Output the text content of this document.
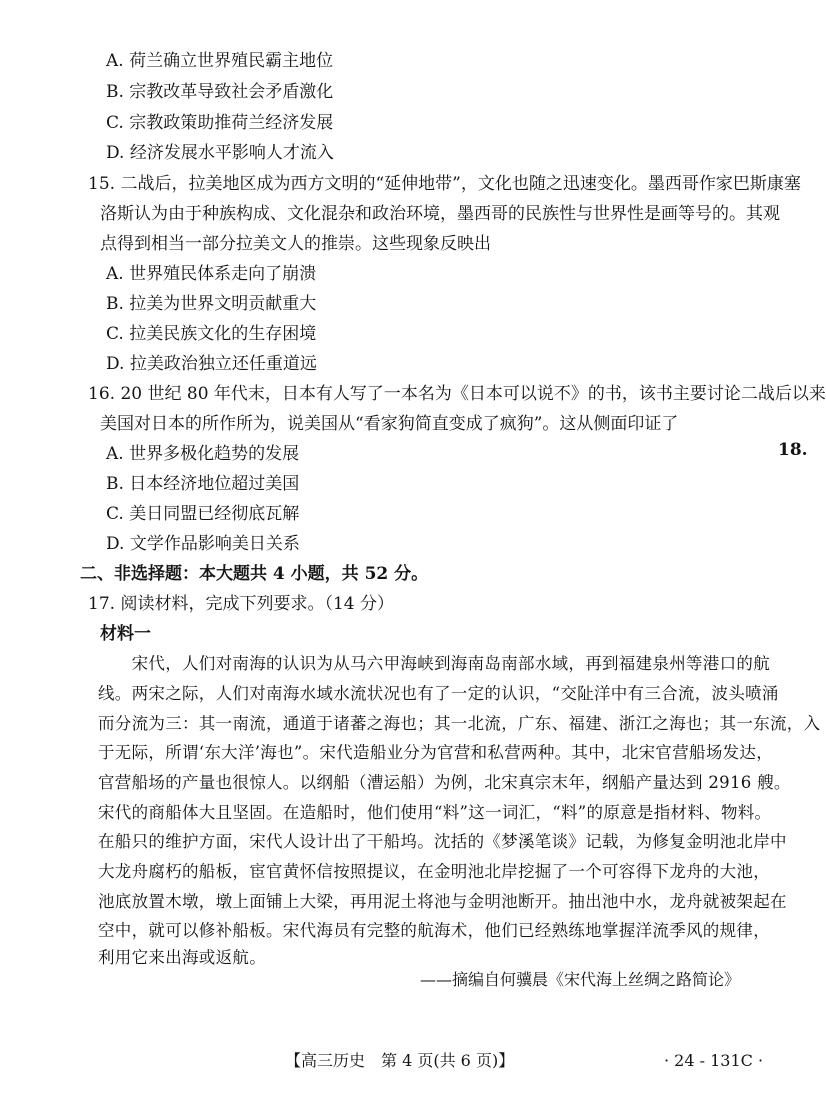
A. 荷兰确立世界殖民霸主地位
B. 宗教改革导致社会矛盾激化
C. 宗教政策助推荷兰经济发展
D. 经济发展水平影响人才流入
15. 二战后，拉美地区成为西方文明的“延伸地带”，文化也随之迅速变化。墨西哥作家巴斯康塞
洛斯认为由于种族构成、文化混杂和政治环境，墨西哥的民族性与世界性是画等号的。其观
点得到相当一部分拉美文人的推崇。这些现象反映出
A. 世界殖民体系走向了崩溃
B. 拉美为世界文明贡献重大
C. 拉美民族文化的生存困境
D. 拉美政治独立还任重道远
16. 20 世纪 80 年代末，日本有人写了一本名为《日本可以说不》的书，该书主要讨论二战后以来
美国对日本的所作所为，说美国从“看家狗简直变成了疯狗”。这从侧面印证了
A. 世界多极化趋势的发展
B. 日本经济地位超过美国
C. 美日同盟已经彻底瓦解
D. 文学作品影响美日关系
18.
二、非选择题：本大题共 4 小题，共 52 分。
17. 阅读材料，完成下列要求。（14 分）
材料一
　　宋代，人们对南海的认识为从马六甲海峡到海南岛南部水域，再到福建泉州等港口的航
线。两宋之际，人们对南海水域水流状况也有了一定的认识，“交阯洋中有三合流，波头喷涌
而分流为三：其一南流，通道于诸蕃之海也；其一北流，广东、福建、浙江之海也；其一东流，入
于无际，所谓‘东大洋’海也”。宋代造船业分为官营和私营两种。其中，北宋官营船场发达，
官营船场的产量也很惊人。以纲船（漕运船）为例，北宋真宗末年，纲船产量达到 2916 艘。
宋代的商船体大且坚固。在造船时，他们使用“料”这一词汇，“料”的原意是指材料、物料。
在船只的维护方面，宋代人设计出了干船坞。沈括的《梦溪笔谈》记载，为修复金明池北岸中
大龙舟腐朽的船板，宦官黄怀信按照提议，在金明池北岸挖掘了一个可容得下龙舟的大池，
池底放置木墩，墩上面铺上大梁，再用泥土将池与金明池断开。抽出池中水，龙舟就被架起在
空中，就可以修补船板。宋代海员有完整的航海术，他们已经熟练地掌握洋流季风的规律，
利用它来出海或返航。
——摘编自何骥晨《宋代海上丝绸之路简论》
【高三历史　第 4 页(共 6 页)】	· 24 - 131C ·
